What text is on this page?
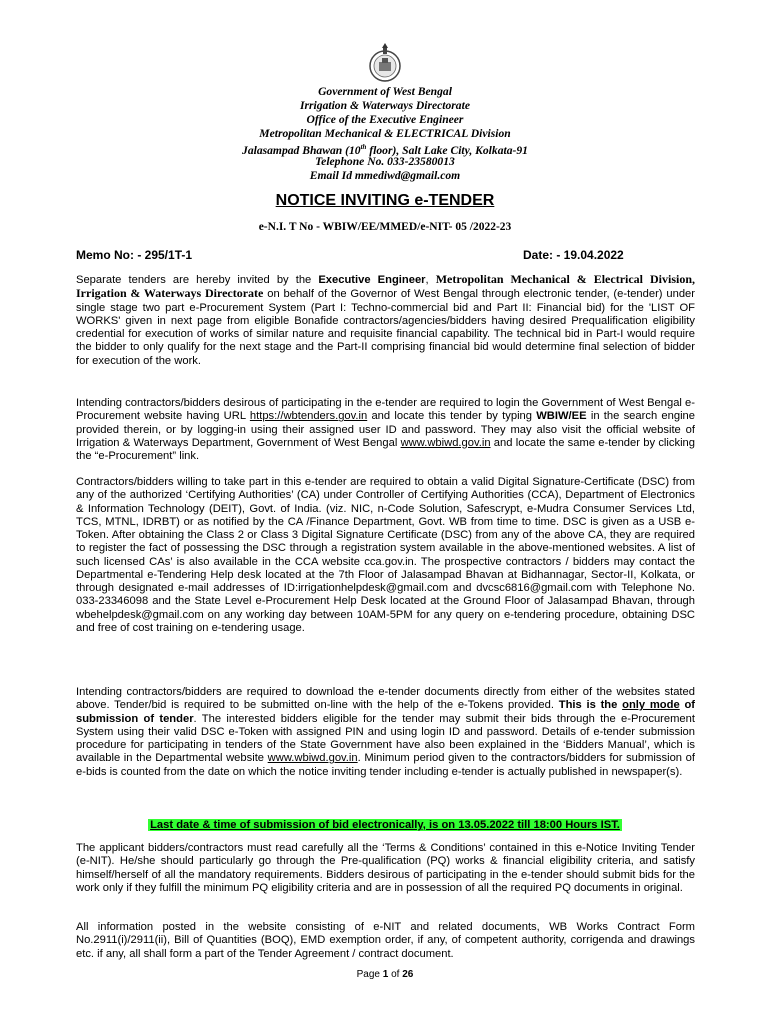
Government of West Bengal
Irrigation & Waterways Directorate
Office of the Executive Engineer
Metropolitan Mechanical & ELECTRICAL Division
Jalasampad Bhawan (10th floor), Salt Lake City, Kolkata-91
Telephone No. 033-23580013
Email Id mmediwd@gmail.com
NOTICE INVITING e-TENDER
e-N.I. T No - WBIW/EE/MMED/e-NIT- 05 /2022-23
Memo No: - 295/1T-1	Date: - 19.04.2022
Separate tenders are hereby invited by the Executive Engineer, Metropolitan Mechanical & Electrical Division, Irrigation & Waterways Directorate on behalf of the Governor of West Bengal through electronic tender, (e-tender) under single stage two part e-Procurement System (Part I: Techno-commercial bid and Part II: Financial bid) for the 'LIST OF WORKS' given in next page from eligible Bonafide contractors/agencies/bidders having desired Prequalification eligibility credential for execution of works of similar nature and requisite financial capability. The technical bid in Part-I would require the bidder to only qualify for the next stage and the Part-II comprising financial bid would determine final selection of bidder for execution of the work.
Intending contractors/bidders desirous of participating in the e-tender are required to login the Government of West Bengal e-Procurement website having URL https://wbtenders.gov.in and locate this tender by typing WBIW/EE in the search engine provided therein, or by logging-in using their assigned user ID and password. They may also visit the official website of Irrigation & Waterways Department, Government of West Bengal www.wbiwd.gov.in and locate the same e-tender by clicking the “e-Procurement” link.
Contractors/bidders willing to take part in this e-tender are required to obtain a valid Digital Signature-Certificate (DSC) from any of the authorized ‘Certifying Authorities’ (CA) under Controller of Certifying Authorities (CCA), Department of Electronics & Information Technology (DEIT), Govt. of India. (viz. NIC, n-Code Solution, Safescrypt, e-Mudra Consumer Services Ltd, TCS, MTNL, IDRBT) or as notified by the CA /Finance Department, Govt. WB from time to time. DSC is given as a USB e-Token. After obtaining the Class 2 or Class 3 Digital Signature Certificate (DSC) from any of the above CA, they are required to register the fact of possessing the DSC through a registration system available in the above-mentioned websites. A list of such licensed CAs’ is also available in the CCA website cca.gov.in. The prospective contractors / bidders may contact the Departmental e-Tendering Help desk located at the 7th Floor of Jalasampad Bhavan at Bidhannagar, Sector-II, Kolkata, or through designated e-mail addresses of ID:irrigationhelpdesk@gmail.com and dvcsc6816@gmail.com with Telephone No. 033-23346098 and the State Level e-Procurement Help Desk located at the Ground Floor of Jalasampad Bhavan, through wbehelpdesk@gmail.com on any working day between 10AM-5PM for any query on e-tendering procedure, obtaining DSC and free of cost training on e-tendering usage.
Intending contractors/bidders are required to download the e-tender documents directly from either of the websites stated above. Tender/bid is required to be submitted on-line with the help of the e-Tokens provided. This is the only mode of submission of tender. The interested bidders eligible for the tender may submit their bids through the e-Procurement System using their valid DSC e-Token with assigned PIN and using login ID and password. Details of e-tender submission procedure for participating in tenders of the State Government have also been explained in the ‘Bidders Manual’, which is available in the Departmental website www.wbiwd.gov.in. Minimum period given to the contractors/bidders for submission of e-bids is counted from the date on which the notice inviting tender including e-tender is actually published in newspaper(s).
Last date & time of submission of bid electronically, is on 13.05.2022 till 18:00 Hours IST.
The applicant bidders/contractors must read carefully all the ‘Terms & Conditions’ contained in this e-Notice Inviting Tender (e-NIT). He/she should particularly go through the Pre-qualification (PQ) works & financial eligibility criteria, and satisfy himself/herself of all the mandatory requirements. Bidders desirous of participating in the e-tender should submit bids for the work only if they fulfill the minimum PQ eligibility criteria and are in possession of all the required PQ documents in original.
All information posted in the website consisting of e-NIT and related documents, WB Works Contract Form No.2911(i)/2911(ii), Bill of Quantities (BOQ), EMD exemption order, if any, of competent authority, corrigenda and drawings etc. if any, all shall form a part of the Tender Agreement / contract document.
Page 1 of 26
